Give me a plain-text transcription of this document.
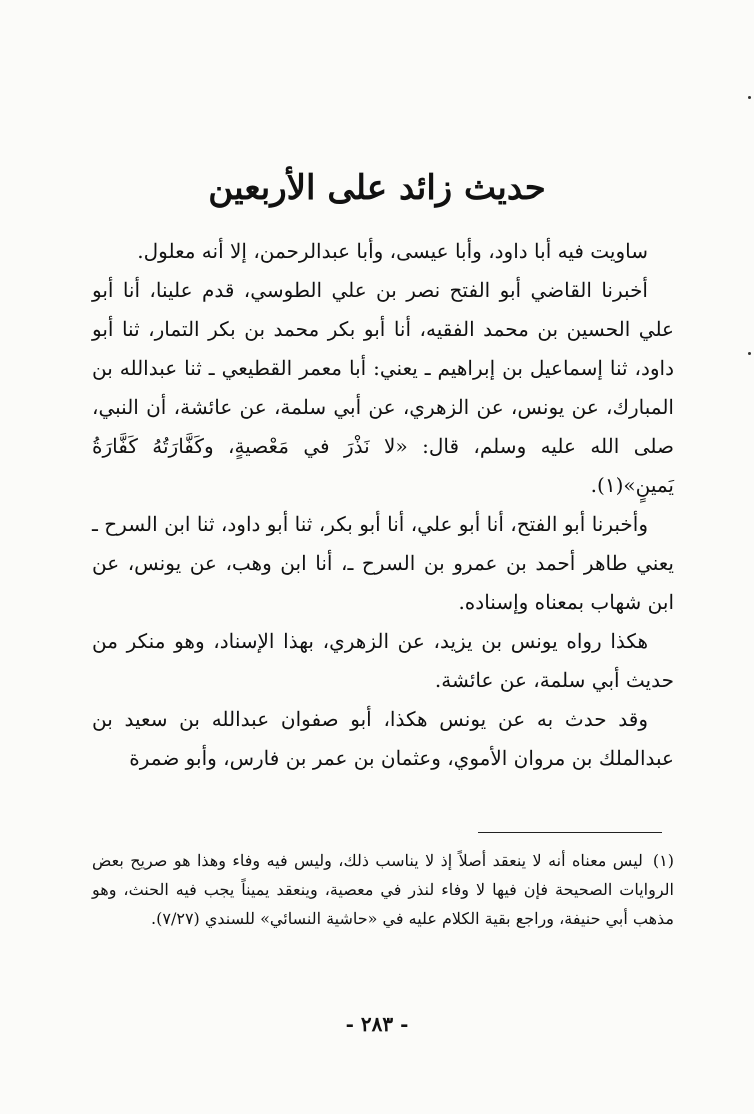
حديث زائد على الأربعين

ساويت فيه أبا داود، وأبا عيسى، وأبا عبدالرحمن، إلا أنه معلول.

أخبرنا القاضي أبو الفتح نصر بن علي الطوسي، قدم علينا، أنا أبو علي الحسين بن محمد الفقيه، أنا أبو بكر محمد بن بكر التمار، ثنا أبو داود، ثنا إسماعيل بن إبراهيم ـ يعني: أبا معمر القطيعي ـ ثنا عبدالله بن المبارك، عن يونس، عن الزهري، عن أبي سلمة، عن عائشة، أن النبي، صلى الله عليه وسلم، قال: «لا نَذْرَ في مَعْصيةٍ، وكَفَّارَتُهُ كَفَّارَةُ يَمينٍ»(١).

وأخبرنا أبو الفتح، أنا أبو علي، أنا أبو بكر، ثنا أبو داود، ثنا ابن السرح ـ يعني طاهر أحمد بن عمرو بن السرح ـ، أنا ابن وهب، عن يونس، عن ابن شهاب بمعناه وإسناده.

هكذا رواه يونس بن يزيد، عن الزهري، بهذا الإسناد، وهو منكر من حديث أبي سلمة، عن عائشة.

وقد حدث به عن يونس هكذا، أبو صفوان عبدالله بن سعيد بن عبدالملك بن مروان الأموي، وعثمان بن عمر بن فارس، وأبو ضمرة

(١)ليس معناه أنه لا ينعقد أصلاً إذ لا يناسب ذلك، وليس فيه وفاء وهذا هو صريح بعض الروايات الصحيحة فإن فيها لا وفاء لنذر في معصية، وينعقد يميناً يجب فيه الحنث، وهو مذهب أبي حنيفة، وراجع بقية الكلام عليه في «حاشية النسائي» للسندي (٧/٢٧).
- ٢٨٣ -
